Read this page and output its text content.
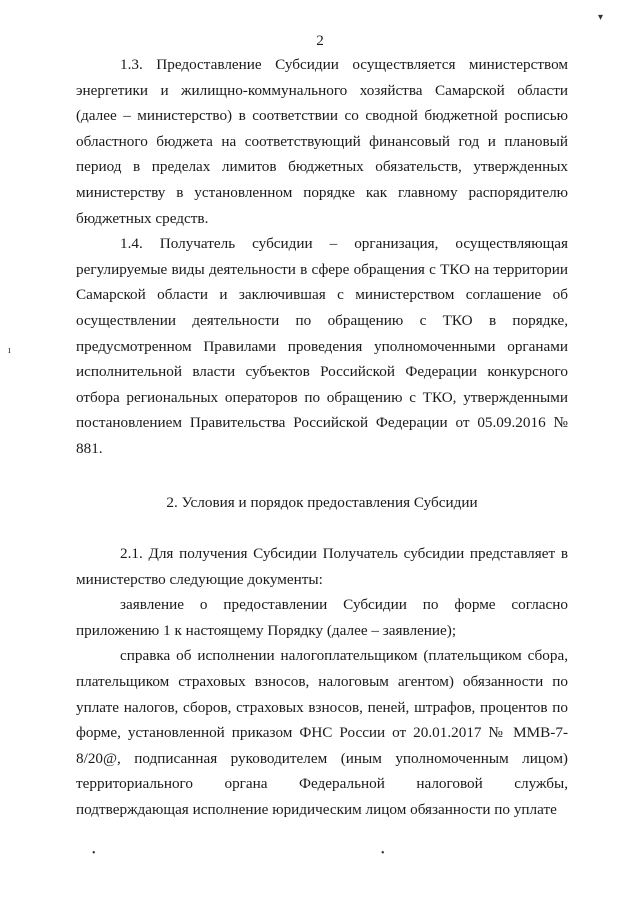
2
▾
ı
•	•

1.3. Предоставление Субсидии осуществляется министерством энергетики и жилищно-коммунального хозяйства Самарской области (далее – министерство) в соответствии со сводной бюджетной росписью областного бюджета на соответствующий финансовый год и плановый период в пределах лимитов бюджетных обязательств, утвержденных министерству в установленном порядке как главному распорядителю бюджетных средств.

1.4. Получатель субсидии – организация, осуществляющая регулируемые виды деятельности в сфере обращения с ТКО на территории Самарской области и заключившая с министерством соглашение об осуществлении деятельности по обращению с ТКО в порядке, предусмотренном Правилами проведения уполномоченными органами исполнительной власти субъектов Российской Федерации конкурсного отбора региональных операторов по обращению с ТКО, утвержденными постановлением Правительства Российской Федерации от 05.09.2016 № 881.

2. Условия и порядок предоставления Субсидии

2.1. Для получения Субсидии Получатель субсидии представляет в министерство следующие документы:

заявление о предоставлении Субсидии по форме согласно приложению 1 к настоящему Порядку (далее – заявление);

справка об исполнении налогоплательщиком (плательщиком сбора, плательщиком страховых взносов, налоговым агентом) обязанности по уплате налогов, сборов, страховых взносов, пеней, штрафов, процентов по форме, установленной приказом ФНС России от 20.01.2017 № ММВ-7-8/20@, подписанная руководителем (иным уполномоченным лицом) территориального органа Федеральной налоговой службы, подтверждающая исполнение юридическим лицом обязанности по уплате
